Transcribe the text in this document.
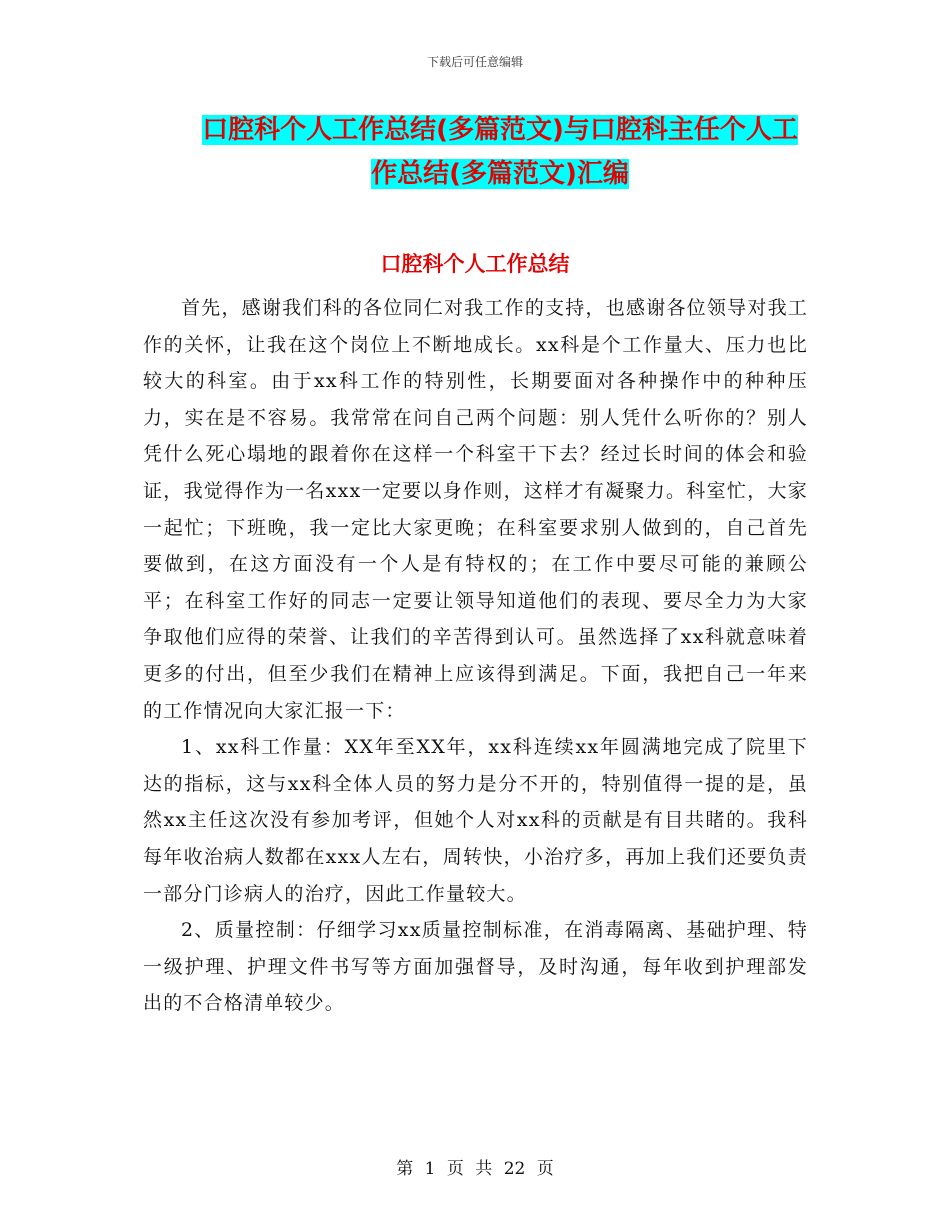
下载后可任意编辑
口腔科个人工作总结(多篇范文)与口腔科主任个人工
作总结(多篇范文)汇编
口腔科个人工作总结

首先，感谢我们科的各位同仁对我工作的支持，也感谢各位领导对我工作的关怀，让我在这个岗位上不断地成长。xx科是个工作量大、压力也比较大的科室。由于xx科工作的特别性，长期要面对各种操作中的种种压力，实在是不容易。我常常在问自己两个问题：别人凭什么听你的？别人凭什么死心塌地的跟着你在这样一个科室干下去？经过长时间的体会和验证，我觉得作为一名xxx一定要以身作则，这样才有凝聚力。科室忙，大家一起忙；下班晚，我一定比大家更晚；在科室要求别人做到的，自己首先要做到，在这方面没有一个人是有特权的；在工作中要尽可能的兼顾公平；在科室工作好的同志一定要让领导知道他们的表现、要尽全力为大家争取他们应得的荣誉、让我们的辛苦得到认可。虽然选择了xx科就意味着更多的付出，但至少我们在精神上应该得到满足。下面，我把自己一年来的工作情况向大家汇报一下：

1、xx科工作量：XX年至XX年，xx科连续xx年圆满地完成了院里下达的指标，这与xx科全体人员的努力是分不开的，特别值得一提的是，虽然xx主任这次没有参加考评，但她个人对xx科的贡献是有目共睹的。我科每年收治病人数都在xxx人左右，周转快，小治疗多，再加上我们还要负责一部分门诊病人的治疗，因此工作量较大。

2、质量控制：仔细学习xx质量控制标准，在消毒隔离、基础护理、特一级护理、护理文件书写等方面加强督导，及时沟通，每年收到护理部发出的不合格清单较少。

第 1 页 共 22 页
